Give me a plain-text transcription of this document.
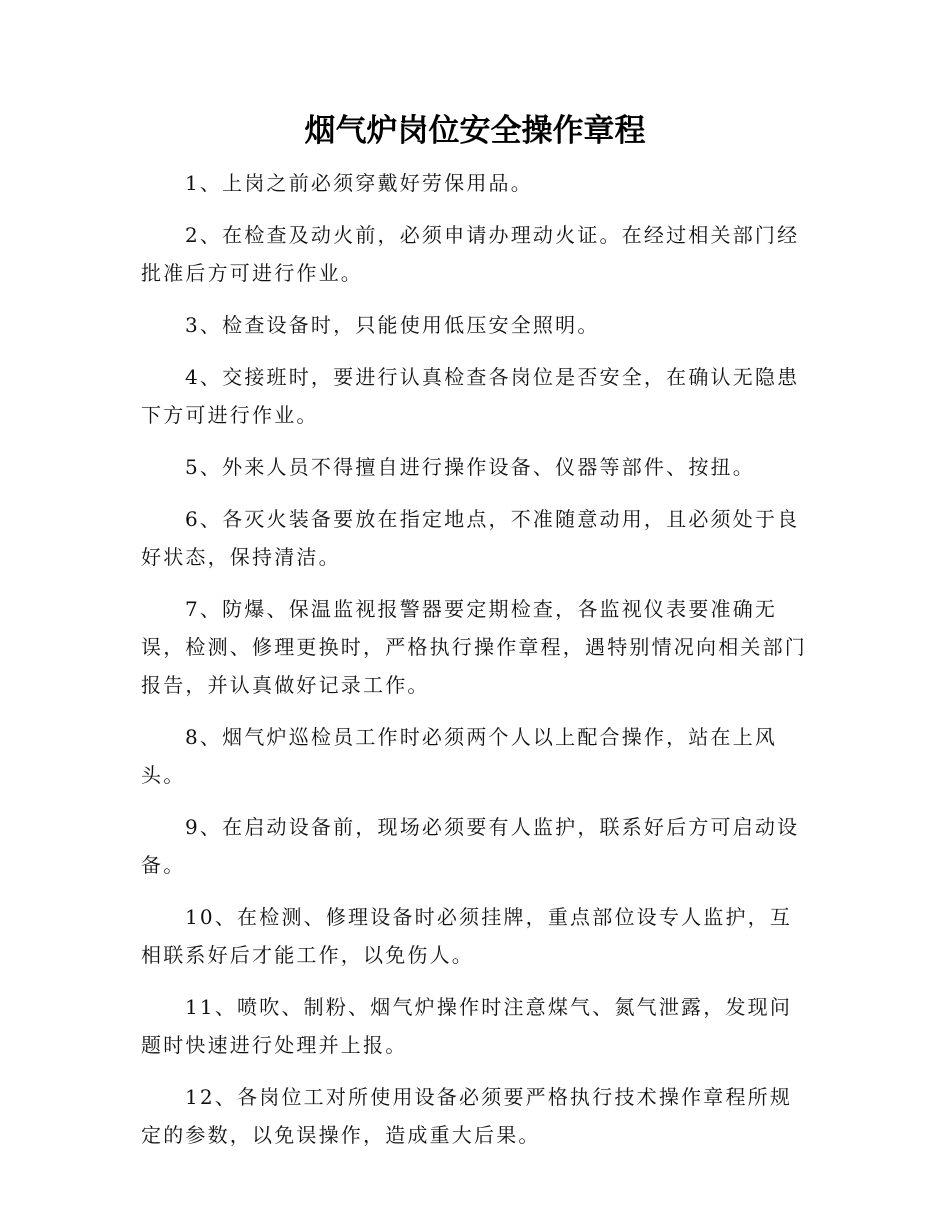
烟气炉岗位安全操作章程

1、上岗之前必须穿戴好劳保用品。

2、在检查及动火前，必须申请办理动火证。在经过相关部门经批准后方可进行作业。

3、检查设备时，只能使用低压安全照明。

4、交接班时，要进行认真检查各岗位是否安全，在确认无隐患下方可进行作业。

5、外来人员不得擅自进行操作设备、仪器等部件、按扭。

6、各灭火装备要放在指定地点，不准随意动用，且必须处于良好状态，保持清洁。

7、防爆、保温监视报警器要定期检查，各监视仪表要准确无误，检测、修理更换时，严格执行操作章程，遇特别情况向相关部门报告，并认真做好记录工作。

8、烟气炉巡检员工作时必须两个人以上配合操作，站在上风头。

9、在启动设备前，现场必须要有人监护，联系好后方可启动设备。

10、在检测、修理设备时必须挂牌，重点部位设专人监护，互相联系好后才能工作，以免伤人。

11、喷吹、制粉、烟气炉操作时注意煤气、氮气泄露，发现问题时快速进行处理并上报。

12、各岗位工对所使用设备必须要严格执行技术操作章程所规定的参数，以免误操作，造成重大后果。
